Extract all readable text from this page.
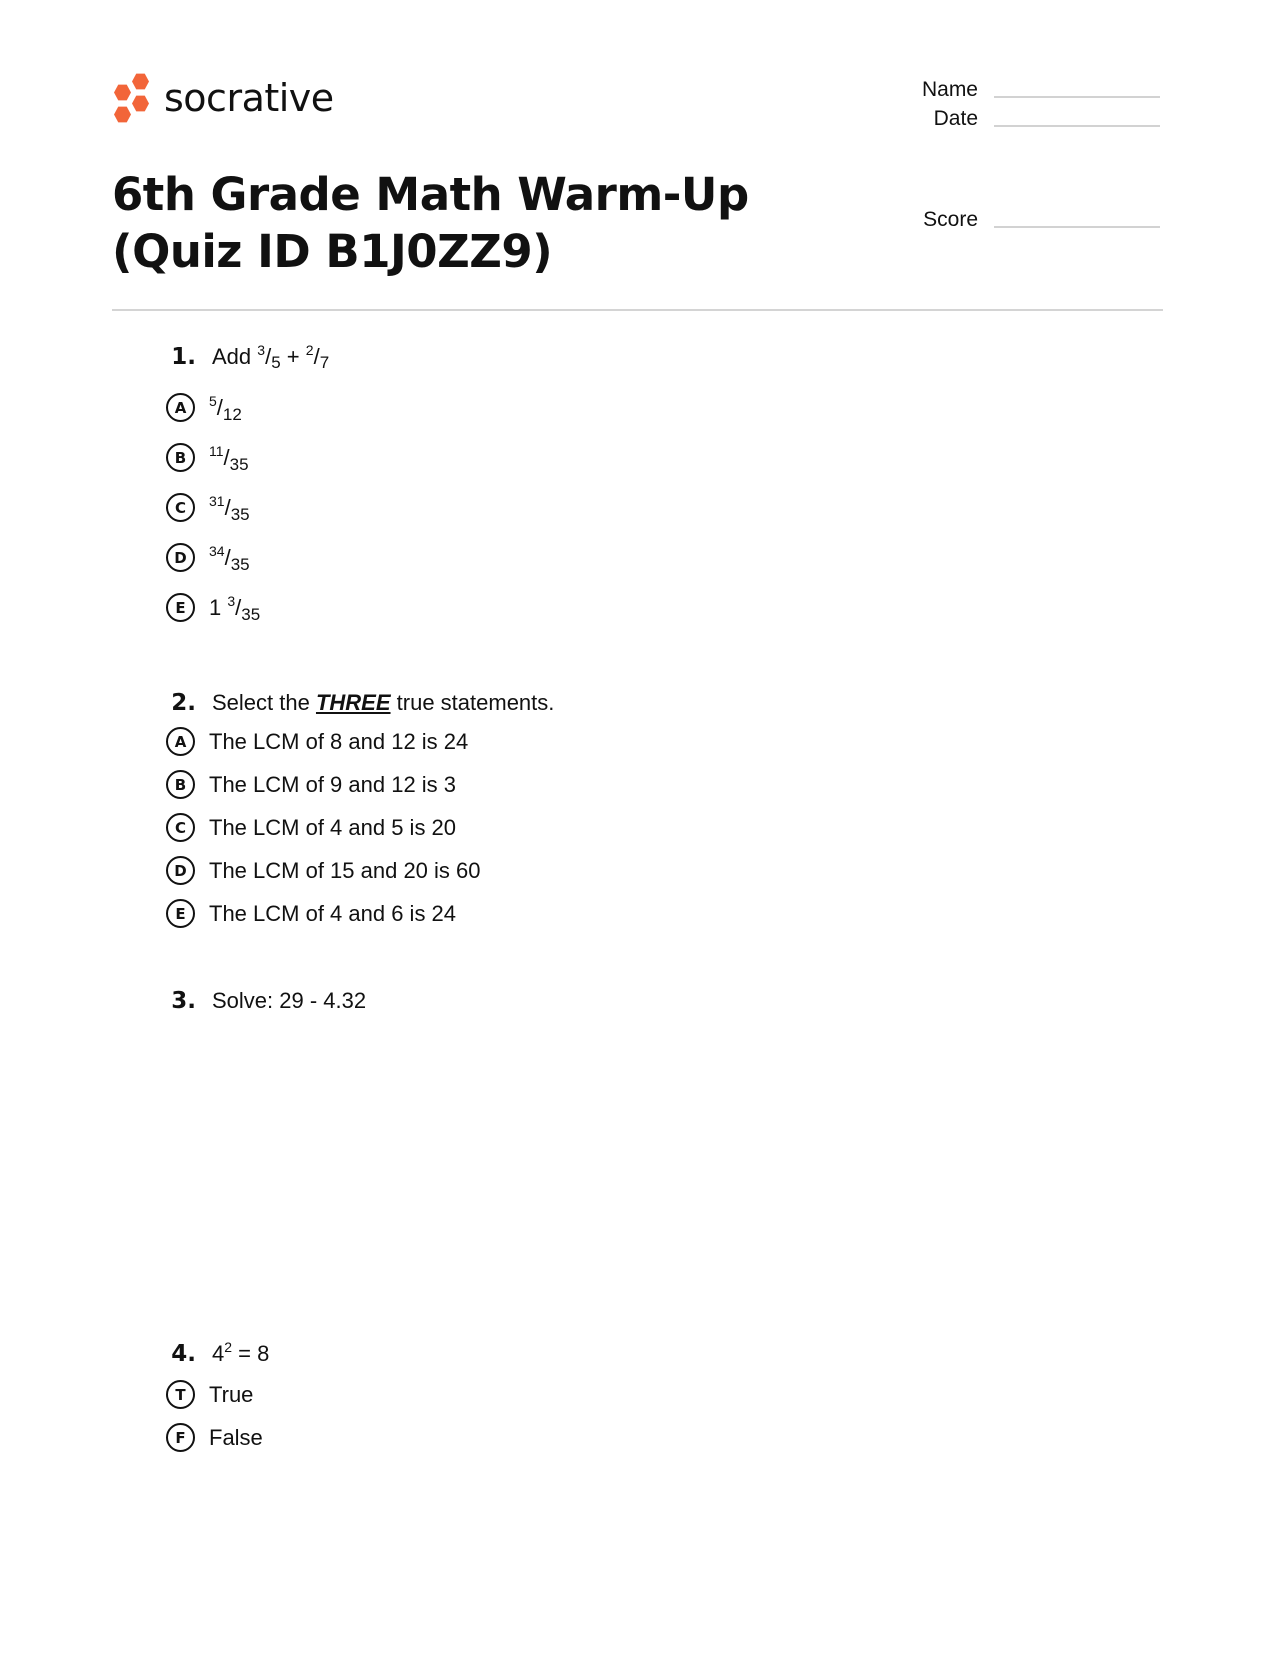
socrative	Name
Date
Score
6th Grade Math Warm-Up (Quiz ID B1J0ZZ9)
1. Add $^3/_5 + ^2/_7$
A	$^5/_{12}$
B	$^{11}/_{35}$
C	$^{31}/_{35}$
D	$^{34}/_{35}$
E	1 $^3/_{35}$
2. Select the THREE true statements.
A	The LCM of 8 and 12 is 24
B	The LCM of 9 and 12 is 3
C	The LCM of 4 and 5 is 20
D	The LCM of 15 and 20 is 60
E	The LCM of 4 and 6 is 24
3. Solve: 29 - 4.32
4. $4^2 = 8$
T	True
F	False
